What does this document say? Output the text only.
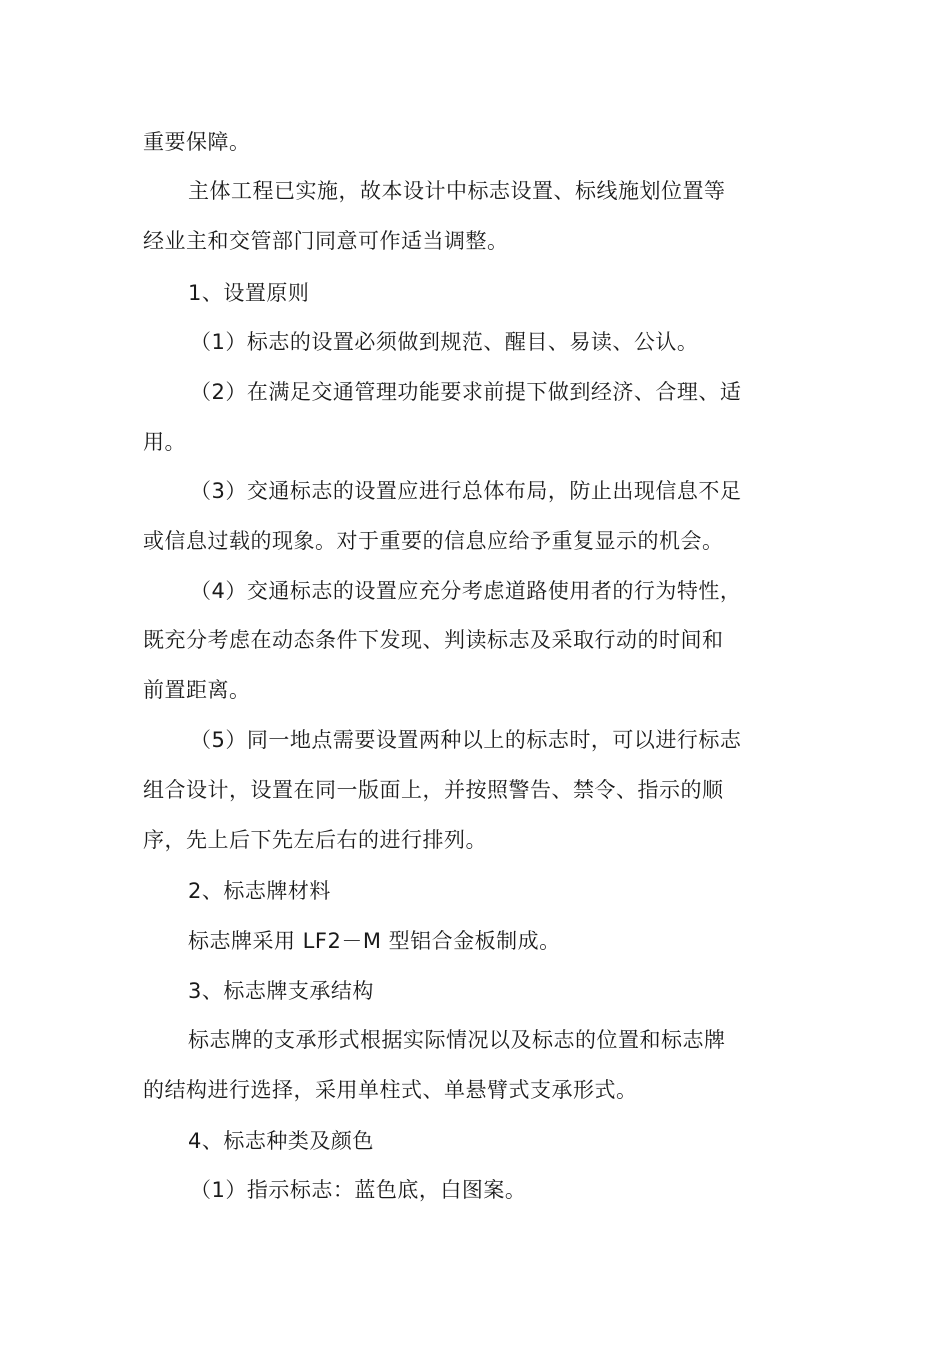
重要保障。
主体工程已实施，故本设计中标志设置、标线施划位置等
经业主和交管部门同意可作适当调整。
1、设置原则
（1）标志的设置必须做到规范、醒目、易读、公认。
（2）在满足交通管理功能要求前提下做到经济、合理、适
用。
（3）交通标志的设置应进行总体布局，防止出现信息不足
或信息过载的现象。对于重要的信息应给予重复显示的机会。
（4）交通标志的设置应充分考虑道路使用者的行为特性，
既充分考虑在动态条件下发现、判读标志及采取行动的时间和
前置距离。
（5）同一地点需要设置两种以上的标志时，可以进行标志
组合设计，设置在同一版面上，并按照警告、禁令、指示的顺
序，先上后下先左后右的进行排列。
2、标志牌材料
标志牌采用 LF2－M 型铝合金板制成。
3、标志牌支承结构
标志牌的支承形式根据实际情况以及标志的位置和标志牌
的结构进行选择，采用单柱式、单悬臂式支承形式。
4、标志种类及颜色
（1）指示标志：蓝色底，白图案。
